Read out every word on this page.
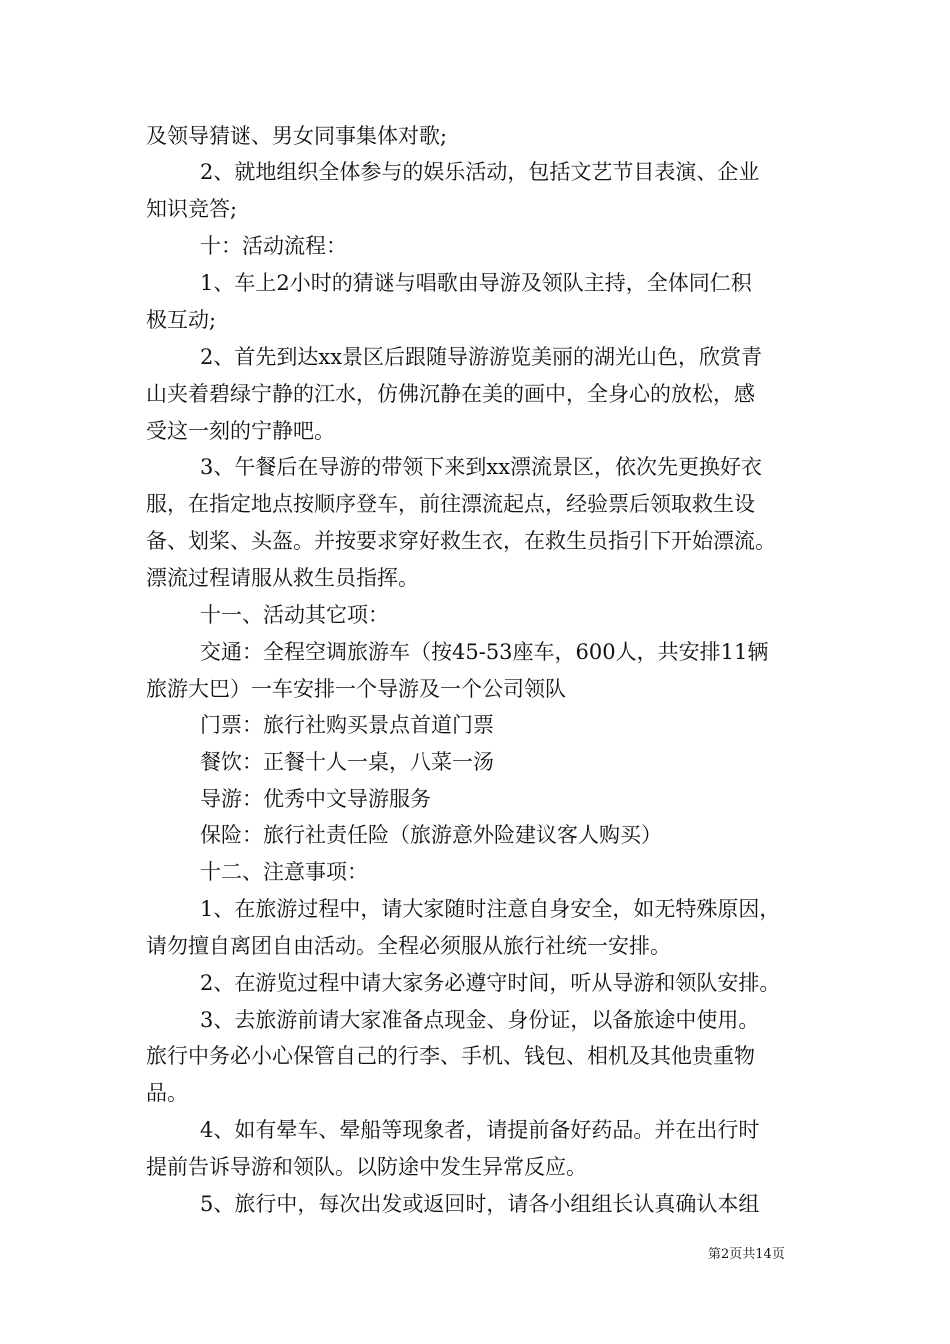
及领导猜谜、男女同事集体对歌;
2、就地组织全体参与的娱乐活动，包括文艺节目表演、企业
知识竞答;
十：活动流程：
1、车上2小时的猜谜与唱歌由导游及领队主持，全体同仁积
极互动;
2、首先到达xx景区后跟随导游游览美丽的湖光山色，欣赏青
山夹着碧绿宁静的江水，仿佛沉静在美的画中，全身心的放松，感
受这一刻的宁静吧。
3、午餐后在导游的带领下来到xx漂流景区，依次先更换好衣
服，在指定地点按顺序登车，前往漂流起点，经验票后领取救生设
备、划桨、头盔。并按要求穿好救生衣，在救生员指引下开始漂流。
漂流过程请服从救生员指挥。
十一、活动其它项：
交通：全程空调旅游车（按45-53座车，600人，共安排11辆
旅游大巴）一车安排一个导游及一个公司领队
门票：旅行社购买景点首道门票
餐饮：正餐十人一桌，八菜一汤
导游：优秀中文导游服务
保险：旅行社责任险（旅游意外险建议客人购买）
十二、注意事项：
1、在旅游过程中，请大家随时注意自身安全，如无特殊原因，
请勿擅自离团自由活动。全程必须服从旅行社统一安排。
2、在游览过程中请大家务必遵守时间，听从导游和领队安排。
3、去旅游前请大家准备点现金、身份证，以备旅途中使用。
旅行中务必小心保管自己的行李、手机、钱包、相机及其他贵重物
品。
4、如有晕车、晕船等现象者，请提前备好药品。并在出行时
提前告诉导游和领队。以防途中发生异常反应。
5、旅行中，每次出发或返回时，请各小组组长认真确认本组
第2页共14页
